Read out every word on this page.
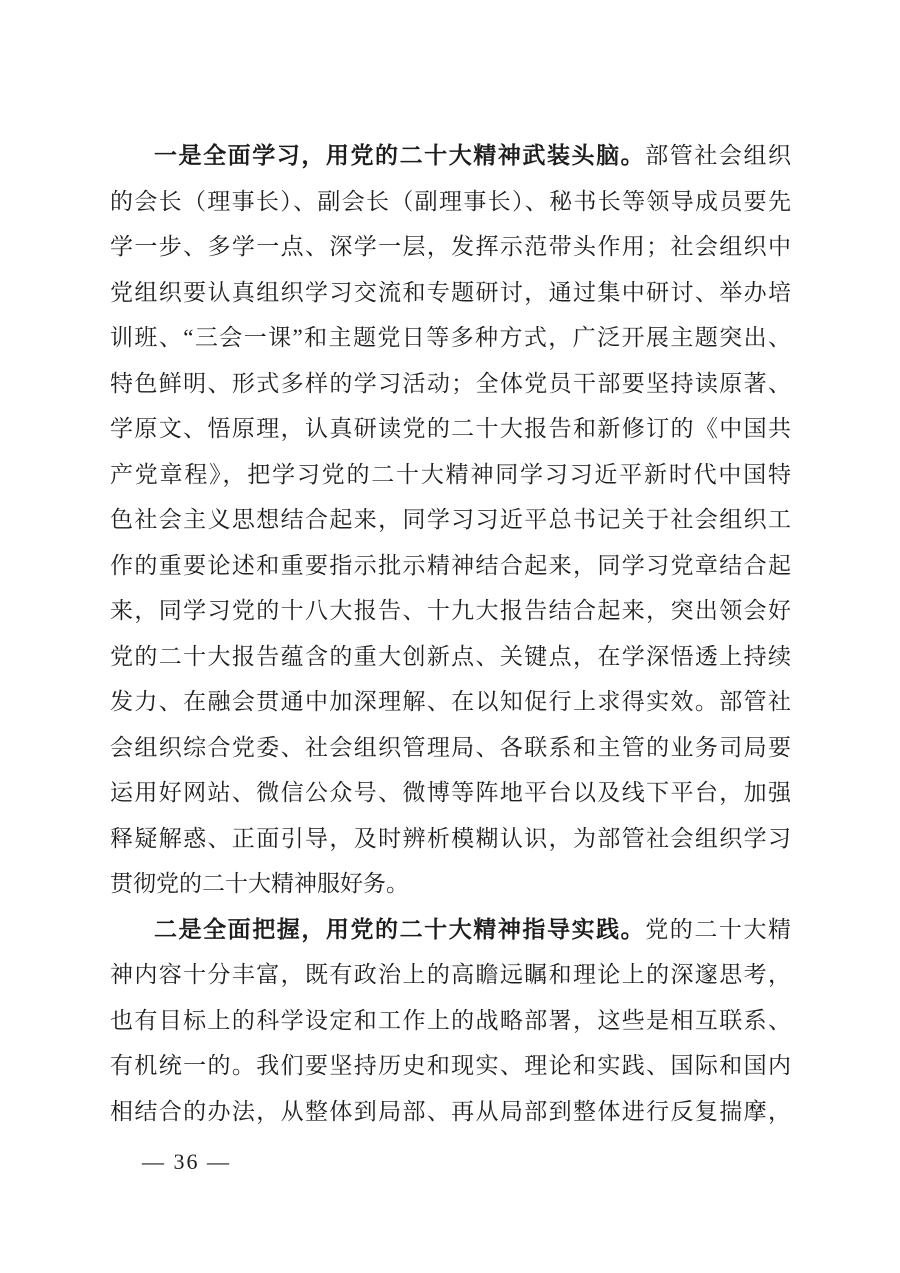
一是全面学习，用党的二十大精神武装头脑。部管社会组织
的会长（理事长）、副会长（副理事长）、秘书长等领导成员要先
学一步、多学一点、深学一层，发挥示范带头作用；社会组织中
党组织要认真组织学习交流和专题研讨，通过集中研讨、举办培
训班、“三会一课”和主题党日等多种方式，广泛开展主题突出、
特色鲜明、形式多样的学习活动；全体党员干部要坚持读原著、
学原文、悟原理，认真研读党的二十大报告和新修订的《中国共
产党章程》，把学习党的二十大精神同学习习近平新时代中国特
色社会主义思想结合起来，同学习习近平总书记关于社会组织工
作的重要论述和重要指示批示精神结合起来，同学习党章结合起
来，同学习党的十八大报告、十九大报告结合起来，突出领会好
党的二十大报告蕴含的重大创新点、关键点，在学深悟透上持续
发力、在融会贯通中加深理解、在以知促行上求得实效。部管社
会组织综合党委、社会组织管理局、各联系和主管的业务司局要
运用好网站、微信公众号、微博等阵地平台以及线下平台，加强
释疑解惑、正面引导，及时辨析模糊认识，为部管社会组织学习
贯彻党的二十大精神服好务。
二是全面把握，用党的二十大精神指导实践。党的二十大精
神内容十分丰富，既有政治上的高瞻远瞩和理论上的深邃思考，
也有目标上的科学设定和工作上的战略部署，这些是相互联系、
有机统一的。我们要坚持历史和现实、理论和实践、国际和国内
相结合的办法，从整体到局部、再从局部到整体进行反复揣摩，
— 36 —
